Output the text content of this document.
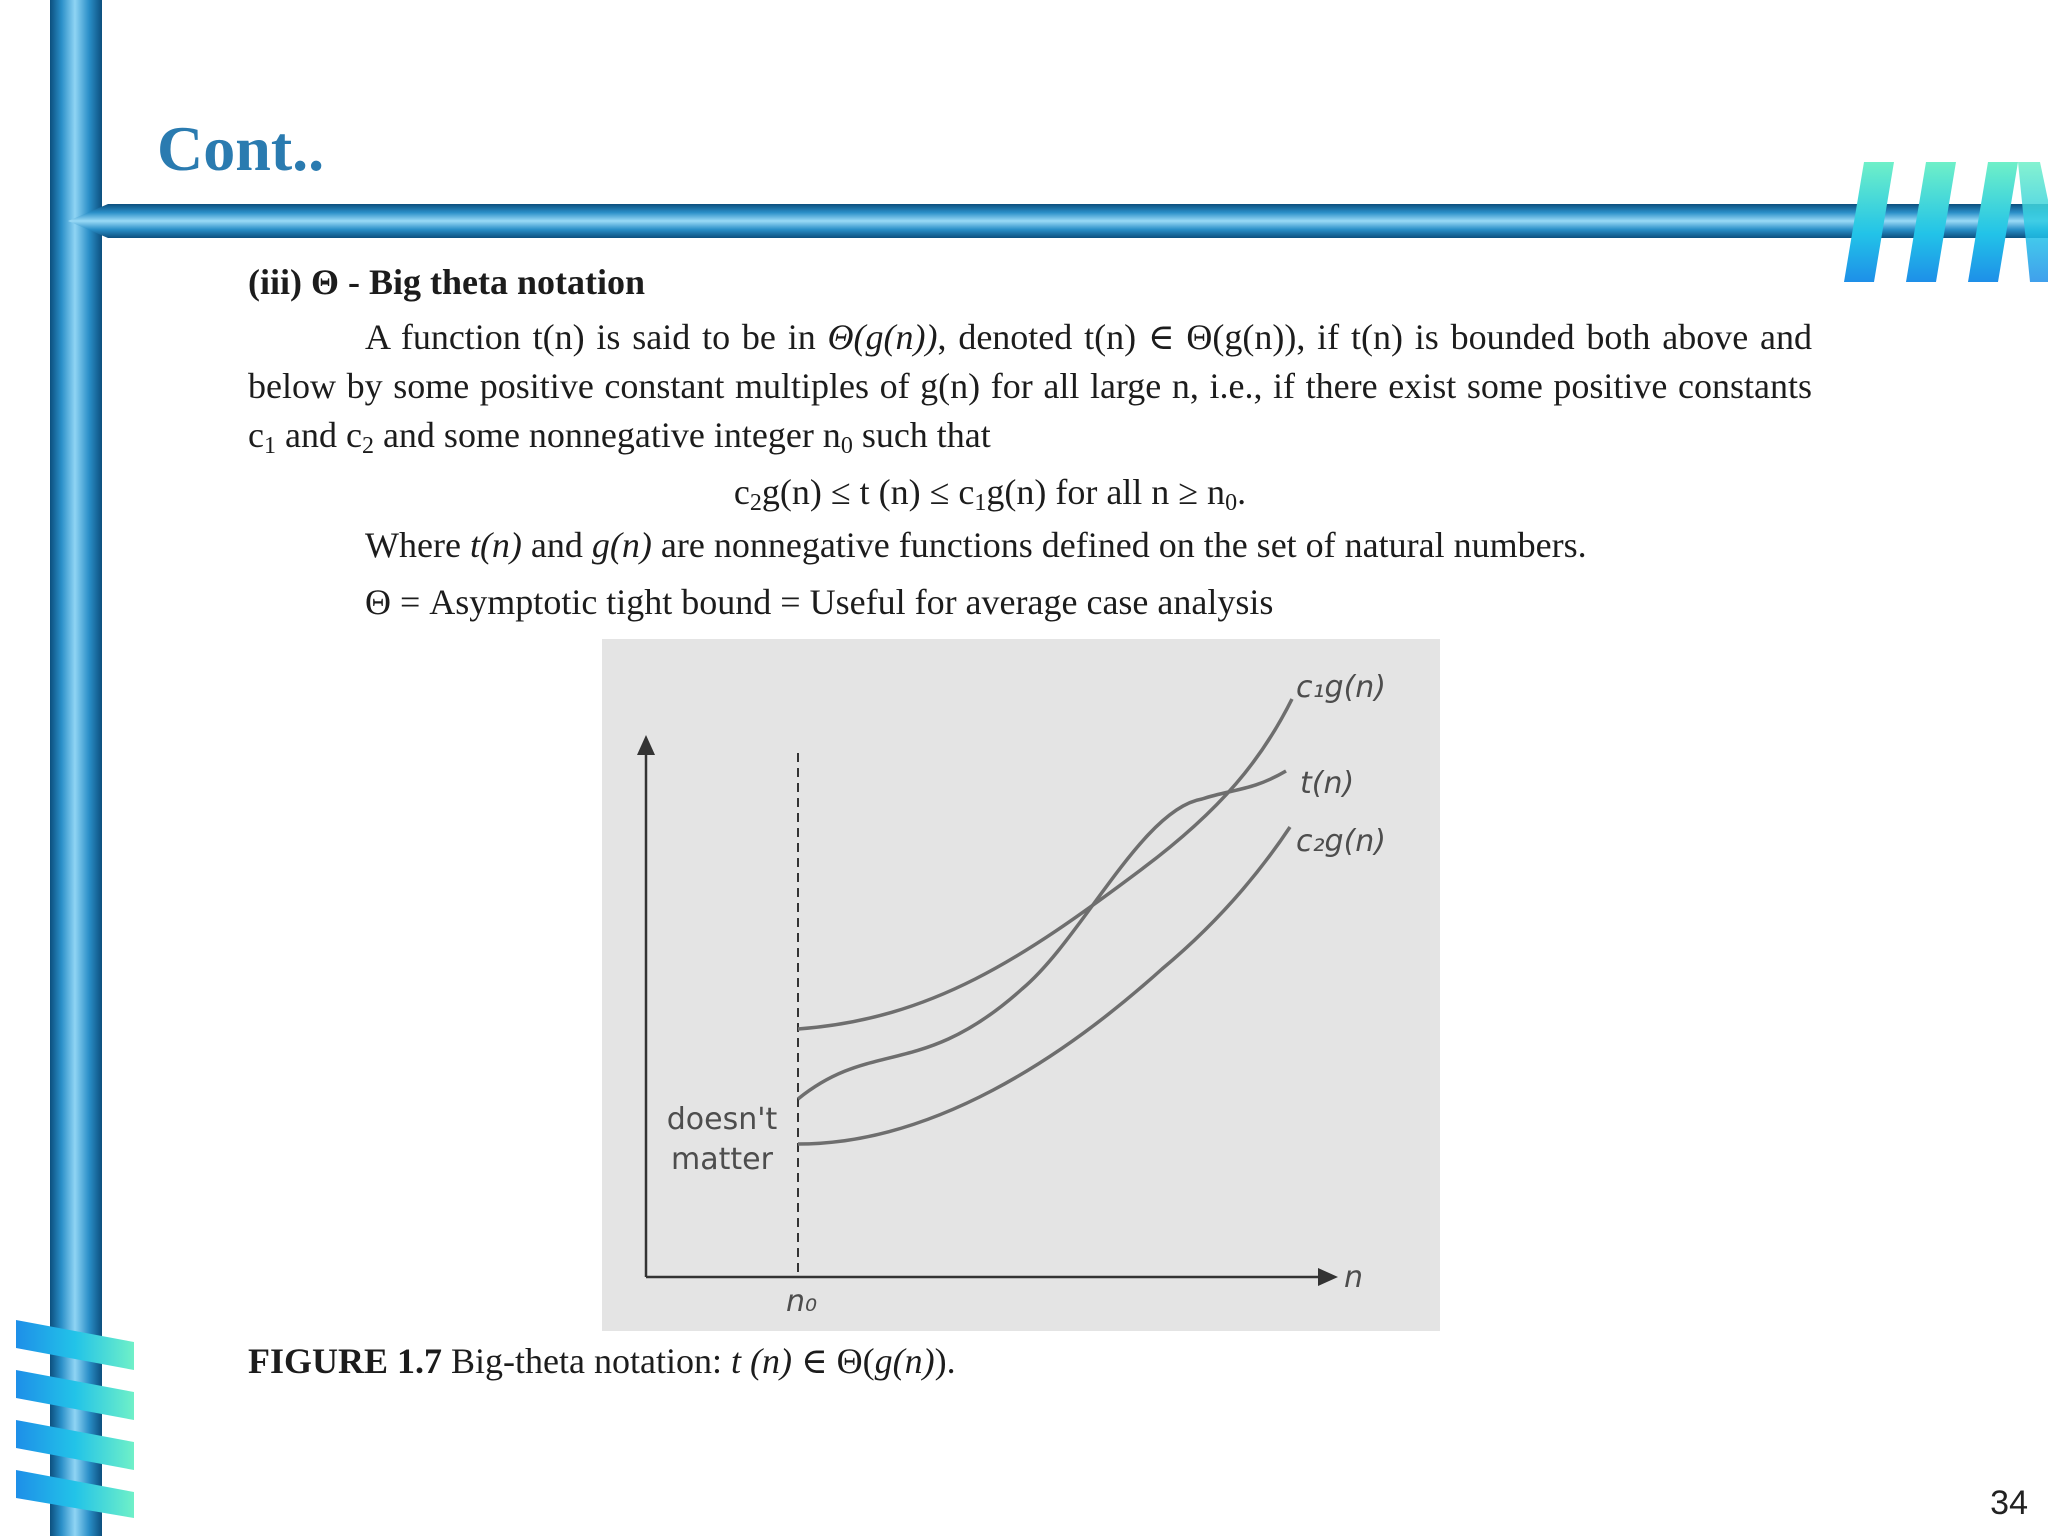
Cont..
(iii) Θ - Big theta notation
A function t(n) is said to be in Θ(g(n)), denoted t(n) ∈ Θ(g(n)), if t(n) is bounded both above and below by some positive constant multiples of g(n) for all large n, i.e., if there exist some positive constants $c_1$ and $c_2$ and some nonnegative integer $n_0$ such that
$c_2g(n) \le t$ $(n) \le c_1g(n)$ for all $n \ge n_0$.
Where t(n) and g(n) are nonnegative functions defined on the set of natural numbers.
Θ = Asymptotic tight bound = Useful for average case analysis
c₁g(n)
t(n)
c₂g(n)
n
n₀
doesn't
matter
FIGURE 1.7 Big-theta notation: t (n) ∈ Θ(g(n)).
34
